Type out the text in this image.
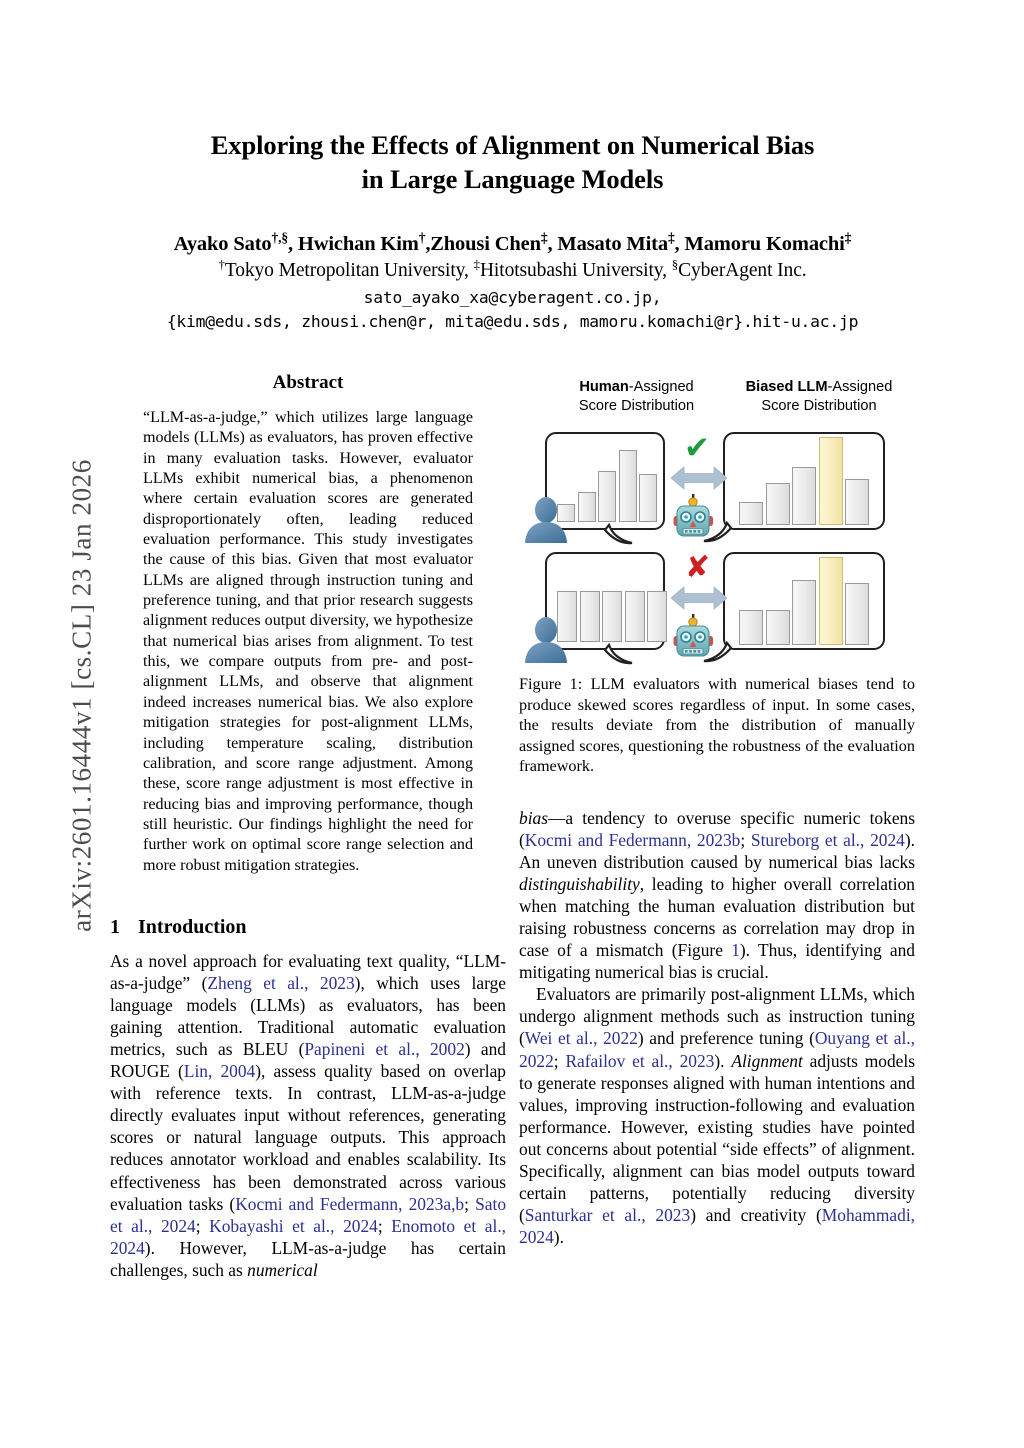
arXiv:2601.16444v1 [cs.CL] 23 Jan 2026
Exploring the Effects of Alignment on Numerical Bias
in Large Language Models
Ayako Sato†,§, Hwichan Kim†,Zhousi Chen‡, Masato Mita‡, Mamoru Komachi‡
†Tokyo Metropolitan University, ‡Hitotsubashi University, §CyberAgent Inc.
sato_ayako_xa@cyberagent.co.jp,
{kim@edu.sds, zhousi.chen@r, mita@edu.sds, mamoru.komachi@r}.hit-u.ac.jp
Abstract

“LLM-as-a-judge,” which utilizes large language models (LLMs) as evaluators, has proven effective in many evaluation tasks. However, evaluator LLMs exhibit numerical bias, a phenomenon where certain evaluation scores are generated disproportionately often, leading reduced evaluation performance. This study investigates the cause of this bias. Given that most evaluator LLMs are aligned through instruction tuning and preference tuning, and that prior research suggests alignment reduces output diversity, we hypothesize that numerical bias arises from alignment. To test this, we compare outputs from pre- and post-alignment LLMs, and observe that alignment indeed increases numerical bias. We also explore mitigation strategies for post-alignment LLMs, including temperature scaling, distribution calibration, and score range adjustment. Among these, score range adjustment is most effective in reducing bias and improving performance, though still heuristic. Our findings highlight the need for further work on optimal score range selection and more robust mitigation strategies.

1 Introduction

As a novel approach for evaluating text quality, “LLM-as-a-judge” (Zheng et al., 2023), which uses large language models (LLMs) as evaluators, has been gaining attention. Traditional automatic evaluation metrics, such as BLEU (Papineni et al., 2002) and ROUGE (Lin, 2004), assess quality based on overlap with reference texts. In contrast, LLM-as-a-judge directly evaluates input without references, generating scores or natural language outputs. This approach reduces annotator workload and enables scalability. Its effectiveness has been demonstrated across various evaluation tasks (Kocmi and Federmann, 2023a,b; Sato et al., 2024; Kobayashi et al., 2024; Enomoto et al., 2024). However, LLM-as-a-judge has certain challenges, such as numerical

Human-Assigned
Score Distribution
Biased LLM-Assigned
Score Distribution
✔
✘
Figure 1: LLM evaluators with numerical biases tend to produce skewed scores regardless of input. In some cases, the results deviate from the distribution of manually assigned scores, questioning the robustness of the evaluation framework.

bias—a tendency to overuse specific numeric tokens (Kocmi and Federmann, 2023b; Stureborg et al., 2024). An uneven distribution caused by numerical bias lacks distinguishability, leading to higher overall correlation when matching the human evaluation distribution but raising robustness concerns as correlation may drop in case of a mismatch (Figure 1). Thus, identifying and mitigating numerical bias is crucial.

Evaluators are primarily post-alignment LLMs, which undergo alignment methods such as instruction tuning (Wei et al., 2022) and preference tuning (Ouyang et al., 2022; Rafailov et al., 2023). Alignment adjusts models to generate responses aligned with human intentions and values, improving instruction-following and evaluation performance. However, existing studies have pointed out concerns about potential “side effects” of alignment. Specifically, alignment can bias model outputs toward certain patterns, potentially reducing diversity (Santurkar et al., 2023) and creativity (Mohammadi, 2024).
